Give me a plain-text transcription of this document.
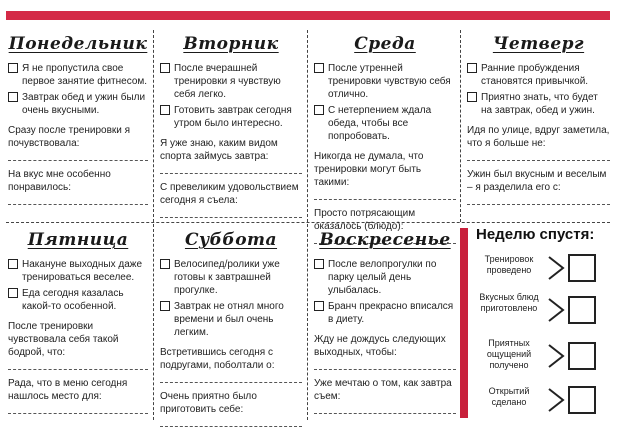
Понедельник
Я не пропустила свое первое занятие фитнесом.
Завтрак обед и ужин были очень вкусными.
Сразу после тренировки я почувствовала:
На вкус мне особенно понравилось:
Вторник
После вчерашней тренировки я чувствую себя легко.
Готовить завтрак сегодня утром было интересно.
Я уже знаю, каким видом спорта займусь завтра:
С превеликим удовольствием сегодня я съела:
Среда
После утренней тренировки чувствую себя отлично.
С нетерпением ждала обеда, чтобы все попробовать.
Никогда не думала, что тренировки могут быть такими:
Просто потрясающим оказалось (блюдо):
Четверг
Ранние пробуждения становятся привычкой.
Приятно знать, что будет на завтрак, обед и ужин.
Идя по улице, вдруг заметила, что я больше не:
Ужин был вкусным и веселым – я разделила его с:
Пятница
Накануне выходных даже тренироваться веселее.
Еда сегодня казалась какой-то особенной.
После тренировки чувствовала себя такой бодрой, что:
Рада, что в меню сегодня нашлось место для:
Суббота
Велосипед/ролики уже готовы к завтрашней прогулке.
Завтрак не отнял много времени и был очень легким.
Встретившись сегодня с подругами, поболтали о:
Очень приятно было приготовить себе:
Воскресенье
После велопрогулки по парку целый день улыбалась.
Бранч прекрасно вписался в диету.
Жду не дождусь следующих выходных, чтобы:
Уже мечтаю о том, как завтра съем:
Неделю спустя:
Тренировок проведено
Вкусных блюд приготовлено
Приятных ощущений получено
Открытий сделано
